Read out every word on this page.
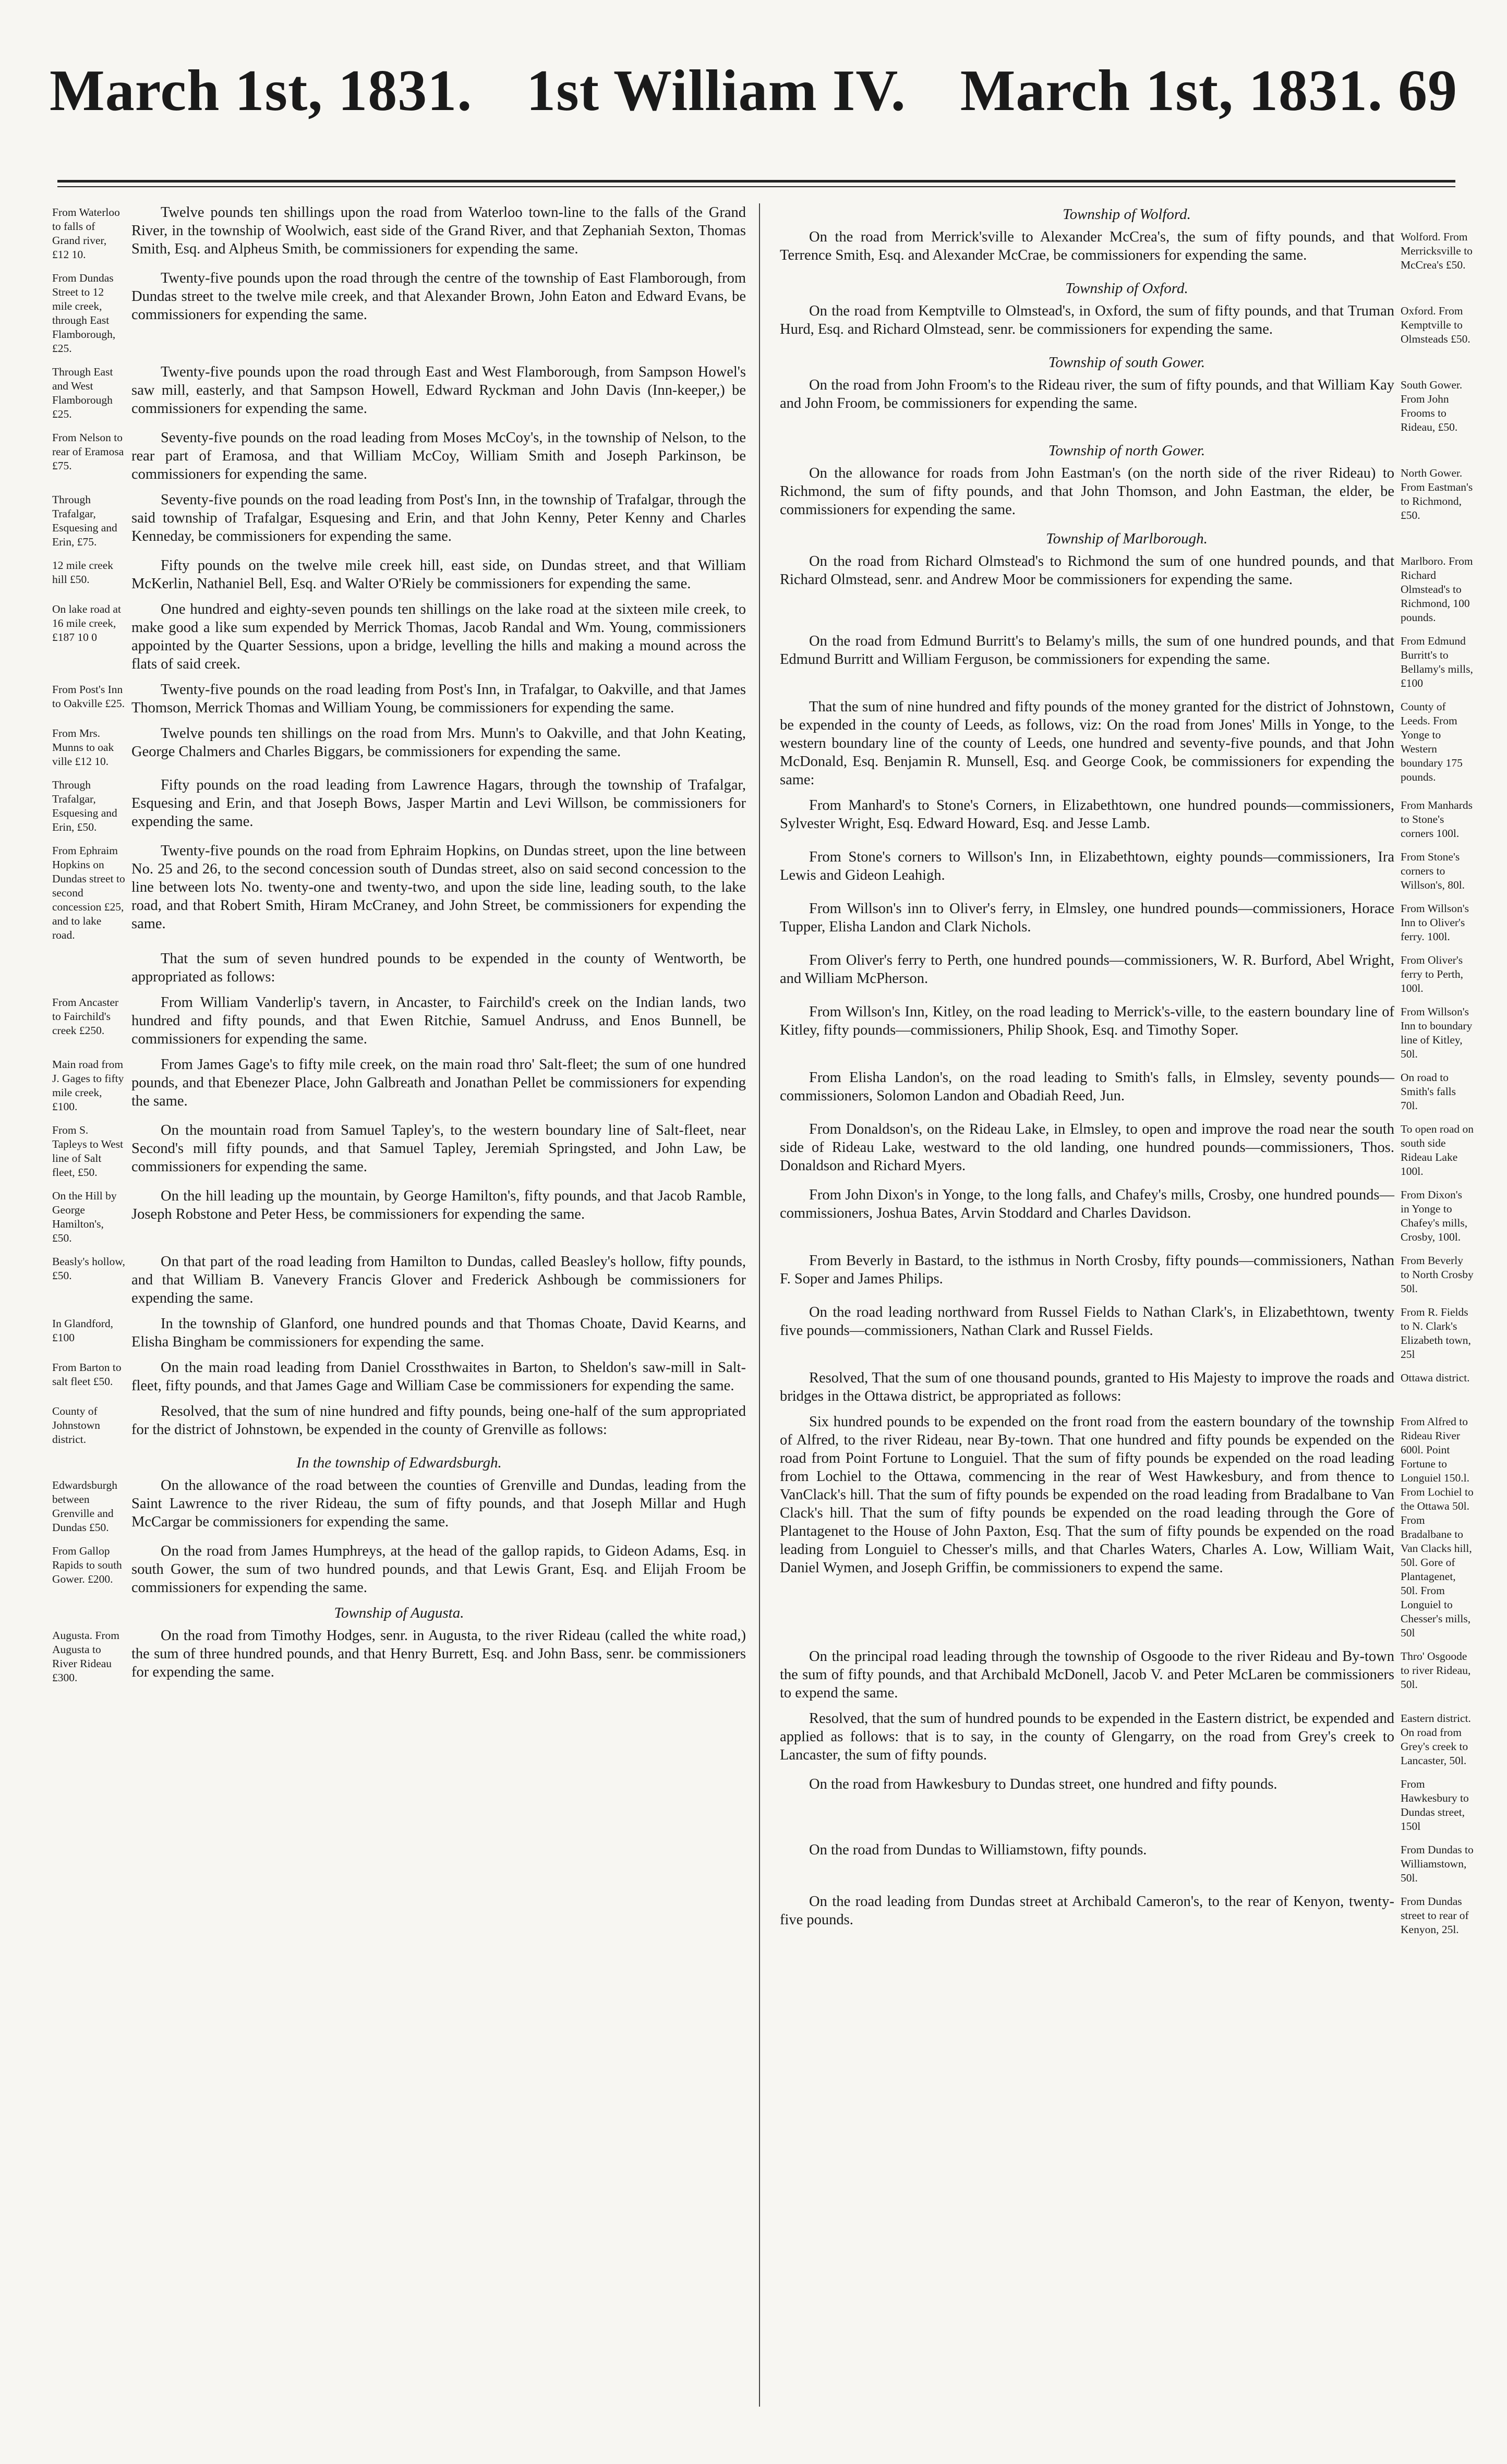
March 1st, 1831. 1st William IV. March 1st, 1831. 69
From Waterloo to falls of Grand river, £12 10.

Twelve pounds ten shillings upon the road from Waterloo town-line to the falls of the Grand River, in the township of Woolwich, east side of the Grand River, and that Zephaniah Sexton, Thomas Smith, Esq. and Alpheus Smith, be commissioners for expending the same.

From Dundas Street to 12 mile creek, through East Flamborough, £25.

Twenty-five pounds upon the road through the centre of the township of East Flamborough, from Dundas street to the twelve mile creek, and that Alexander Brown, John Eaton and Edward Evans, be commissioners for expending the same.

Through East and West Flamborough £25.

Twenty-five pounds upon the road through East and West Flamborough, from Sampson Howel's saw mill, easterly, and that Sampson Howell, Edward Ryckman and John Davis (Inn-keeper,) be commissioners for expending the same.

From Nelson to rear of Eramosa £75.

Seventy-five pounds on the road leading from Moses McCoy's, in the township of Nelson, to the rear part of Eramosa, and that William McCoy, William Smith and Joseph Parkinson, be commissioners for expending the same.

Through Trafalgar, Esquesing and Erin, £75.

Seventy-five pounds on the road leading from Post's Inn, in the township of Trafalgar, through the said township of Trafalgar, Esquesing and Erin, and that John Kenny, Peter Kenny and Charles Kenneday, be commissioners for expending the same.

12 mile creek hill £50.

Fifty pounds on the twelve mile creek hill, east side, on Dundas street, and that William McKerlin, Nathaniel Bell, Esq. and Walter O'Riely be commissioners for expending the same.

On lake road at 16 mile creek, £187 10 0

One hundred and eighty-seven pounds ten shillings on the lake road at the sixteen mile creek, to make good a like sum expended by Merrick Thomas, Jacob Randal and Wm. Young, commissioners appointed by the Quarter Sessions, upon a bridge, levelling the hills and making a mound across the flats of said creek.

From Post's Inn to Oakville £25.

Twenty-five pounds on the road leading from Post's Inn, in Trafalgar, to Oakville, and that James Thomson, Merrick Thomas and William Young, be commissioners for expending the same.

From Mrs. Munns to oak ville £12 10.

Twelve pounds ten shillings on the road from Mrs. Munn's to Oakville, and that John Keating, George Chalmers and Charles Biggars, be commissioners for expending the same.

Through Trafalgar, Esquesing and Erin, £50.

Fifty pounds on the road leading from Lawrence Hagars, through the township of Trafalgar, Esquesing and Erin, and that Joseph Bows, Jasper Martin and Levi Willson, be commissioners for expending the same.

From Ephraim Hopkins on Dundas street to second concession £25, and to lake road.

Twenty-five pounds on the road from Ephraim Hopkins, on Dundas street, upon the line between No. 25 and 26, to the second concession south of Dundas street, also on said second concession to the line between lots No. twenty-one and twenty-two, and upon the side line, leading south, to the lake road, and that Robert Smith, Hiram McCraney, and John Street, be commissioners for expending the same.

That the sum of seven hundred pounds to be expended in the county of Wentworth, be appropriated as follows:

From Ancaster to Fairchild's creek £250.

From William Vanderlip's tavern, in Ancaster, to Fairchild's creek on the Indian lands, two hundred and fifty pounds, and that Ewen Ritchie, Samuel Andruss, and Enos Bunnell, be commissioners for expending the same.

Main road from J. Gages to fifty mile creek, £100.

From James Gage's to fifty mile creek, on the main road thro' Salt-fleet; the sum of one hundred pounds, and that Ebenezer Place, John Galbreath and Jonathan Pellet be commissioners for expending the same.

From S. Tapleys to West line of Salt fleet, £50.

On the mountain road from Samuel Tapley's, to the western boundary line of Salt-fleet, near Second's mill fifty pounds, and that Samuel Tapley, Jeremiah Springsted, and John Law, be commissioners for expending the same.

On the Hill by George Hamilton's, £50.

On the hill leading up the mountain, by George Hamilton's, fifty pounds, and that Jacob Ramble, Joseph Robstone and Peter Hess, be commissioners for expending the same.

Beasly's hollow, £50.

On that part of the road leading from Hamilton to Dundas, called Beasley's hollow, fifty pounds, and that William B. Vanevery Francis Glover and Frederick Ashbough be commissioners for expending the same.

In Glandford, £100

In the township of Glanford, one hundred pounds and that Thomas Choate, David Kearns, and Elisha Bingham be commissioners for expending the same.

From Barton to salt fleet £50.

On the main road leading from Daniel Crossthwaites in Barton, to Sheldon's saw-mill in Salt-fleet, fifty pounds, and that James Gage and William Case be commissioners for expending the same.

County of Johnstown district.

Resolved, that the sum of nine hundred and fifty pounds, being one-half of the sum appropriated for the district of Johnstown, be expended in the county of Grenville as follows:

In the township of Edwardsburgh.
Edwardsburgh between Grenville and Dundas £50.

On the allowance of the road between the counties of Grenville and Dundas, leading from the Saint Lawrence to the river Rideau, the sum of fifty pounds, and that Joseph Millar and Hugh McCargar be commissioners for expending the same.

From Gallop Rapids to south Gower. £200.

On the road from James Humphreys, at the head of the gallop rapids, to Gideon Adams, Esq. in south Gower, the sum of two hundred pounds, and that Lewis Grant, Esq. and Elijah Froom be commissioners for expending the same.

Township of Augusta.
Augusta. From Augusta to River Rideau £300.

On the road from Timothy Hodges, senr. in Augusta, to the river Rideau (called the white road,) the sum of three hundred pounds, and that Henry Burrett, Esq. and John Bass, senr. be commissioners for expending the same.

Township of Wolford.
Wolford. From Merricksville to McCrea's £50.

On the road from Merrick'sville to Alexander McCrea's, the sum of fifty pounds, and that Terrence Smith, Esq. and Alexander McCrae, be commissioners for expending the same.

Township of Oxford.
Oxford. From Kemptville to Olmsteads £50.

On the road from Kemptville to Olmstead's, in Oxford, the sum of fifty pounds, and that Truman Hurd, Esq. and Richard Olmstead, senr. be commissioners for expending the same.

Township of south Gower.
South Gower. From John Frooms to Rideau, £50.

On the road from John Froom's to the Rideau river, the sum of fifty pounds, and that William Kay and John Froom, be commissioners for expending the same.

Township of north Gower.
North Gower. From Eastman's to Richmond, £50.

On the allowance for roads from John Eastman's (on the north side of the river Rideau) to Richmond, the sum of fifty pounds, and that John Thomson, and John Eastman, the elder, be commissioners for expending the same.

Township of Marlborough.
Marlboro. From Richard Olmstead's to Richmond, 100 pounds.

On the road from Richard Olmstead's to Richmond the sum of one hundred pounds, and that Richard Olmstead, senr. and Andrew Moor be commissioners for expending the same.

From Edmund Burritt's to Bellamy's mills, £100

On the road from Edmund Burritt's to Belamy's mills, the sum of one hundred pounds, and that Edmund Burritt and William Ferguson, be commissioners for expending the same.

County of Leeds. From Yonge to Western boundary 175 pounds.

That the sum of nine hundred and fifty pounds of the money granted for the district of Johnstown, be expended in the county of Leeds, as follows, viz: On the road from Jones' Mills in Yonge, to the western boundary line of the county of Leeds, one hundred and seventy-five pounds, and that John McDonald, Esq. Benjamin R. Munsell, Esq. and George Cook, be commissioners for expending the same:

From Manhards to Stone's corners 100l.

From Manhard's to Stone's Corners, in Elizabethtown, one hundred pounds—commissioners, Sylvester Wright, Esq. Edward Howard, Esq. and Jesse Lamb.

From Stone's corners to Willson's, 80l.

From Stone's corners to Willson's Inn, in Elizabethtown, eighty pounds—commissioners, Ira Lewis and Gideon Leahigh.

From Willson's Inn to Oliver's ferry. 100l.

From Willson's inn to Oliver's ferry, in Elmsley, one hundred pounds—commissioners, Horace Tupper, Elisha Landon and Clark Nichols.

From Oliver's ferry to Perth, 100l.

From Oliver's ferry to Perth, one hundred pounds—commissioners, W. R. Burford, Abel Wright, and William McPherson.

From Willson's Inn to boundary line of Kitley, 50l.

From Willson's Inn, Kitley, on the road leading to Merrick's-ville, to the eastern boundary line of Kitley, fifty pounds—commissioners, Philip Shook, Esq. and Timothy Soper.

On road to Smith's falls 70l.

From Elisha Landon's, on the road leading to Smith's falls, in Elmsley, seventy pounds—commissioners, Solomon Landon and Obadiah Reed, Jun.

To open road on south side Rideau Lake 100l.

From Donaldson's, on the Rideau Lake, in Elmsley, to open and improve the road near the south side of Rideau Lake, westward to the old landing, one hundred pounds—commissioners, Thos. Donaldson and Richard Myers.

From Dixon's in Yonge to Chafey's mills, Crosby, 100l.

From John Dixon's in Yonge, to the long falls, and Chafey's mills, Crosby, one hundred pounds—commissioners, Joshua Bates, Arvin Stoddard and Charles Davidson.

From Beverly to North Crosby 50l.

From Beverly in Bastard, to the isthmus in North Crosby, fifty pounds—commissioners, Nathan F. Soper and James Philips.

From R. Fields to N. Clark's Elizabeth town, 25l

On the road leading northward from Russel Fields to Nathan Clark's, in Elizabethtown, twenty five pounds—commissioners, Nathan Clark and Russel Fields.

Ottawa district.

Resolved, That the sum of one thousand pounds, granted to His Majesty to improve the roads and bridges in the Ottawa district, be appropriated as follows:

From Alfred to Rideau River 600l. Point Fortune to Longuiel 150.l. From Lochiel to the Ottawa 50l. From Bradalbane to Van Clacks hill, 50l. Gore of Plantagenet, 50l. From Longuiel to Chesser's mills, 50l

Six hundred pounds to be expended on the front road from the eastern boundary of the township of Alfred, to the river Rideau, near By-town. That one hundred and fifty pounds be expended on the road from Point Fortune to Longuiel. That the sum of fifty pounds be expended on the road leading from Lochiel to the Ottawa, commencing in the rear of West Hawkesbury, and from thence to VanClack's hill. That the sum of fifty pounds be expended on the road leading from Bradalbane to Van Clack's hill. That the sum of fifty pounds be expended on the road leading through the Gore of Plantagenet to the House of John Paxton, Esq. That the sum of fifty pounds be expended on the road leading from Longuiel to Chesser's mills, and that Charles Waters, Charles A. Low, William Wait, Daniel Wymen, and Joseph Griffin, be commissioners to expend the same.

Thro' Osgoode to river Rideau, 50l.

On the principal road leading through the township of Osgoode to the river Rideau and By-town the sum of fifty pounds, and that Archibald McDonell, Jacob V. and Peter McLaren be commissioners to expend the same.

Eastern district. On road from Grey's creek to Lancaster, 50l.

Resolved, that the sum of hundred pounds to be expended in the Eastern district, be expended and applied as follows: that is to say, in the county of Glengarry, on the road from Grey's creek to Lancaster, the sum of fifty pounds.

From Hawkesbury to Dundas street, 150l

On the road from Hawkesbury to Dundas street, one hundred and fifty pounds.

From Dundas to Williamstown, 50l.

On the road from Dundas to Williamstown, fifty pounds.

From Dundas street to rear of Kenyon, 25l.

On the road leading from Dundas street at Archibald Cameron's, to the rear of Kenyon, twenty-five pounds.
